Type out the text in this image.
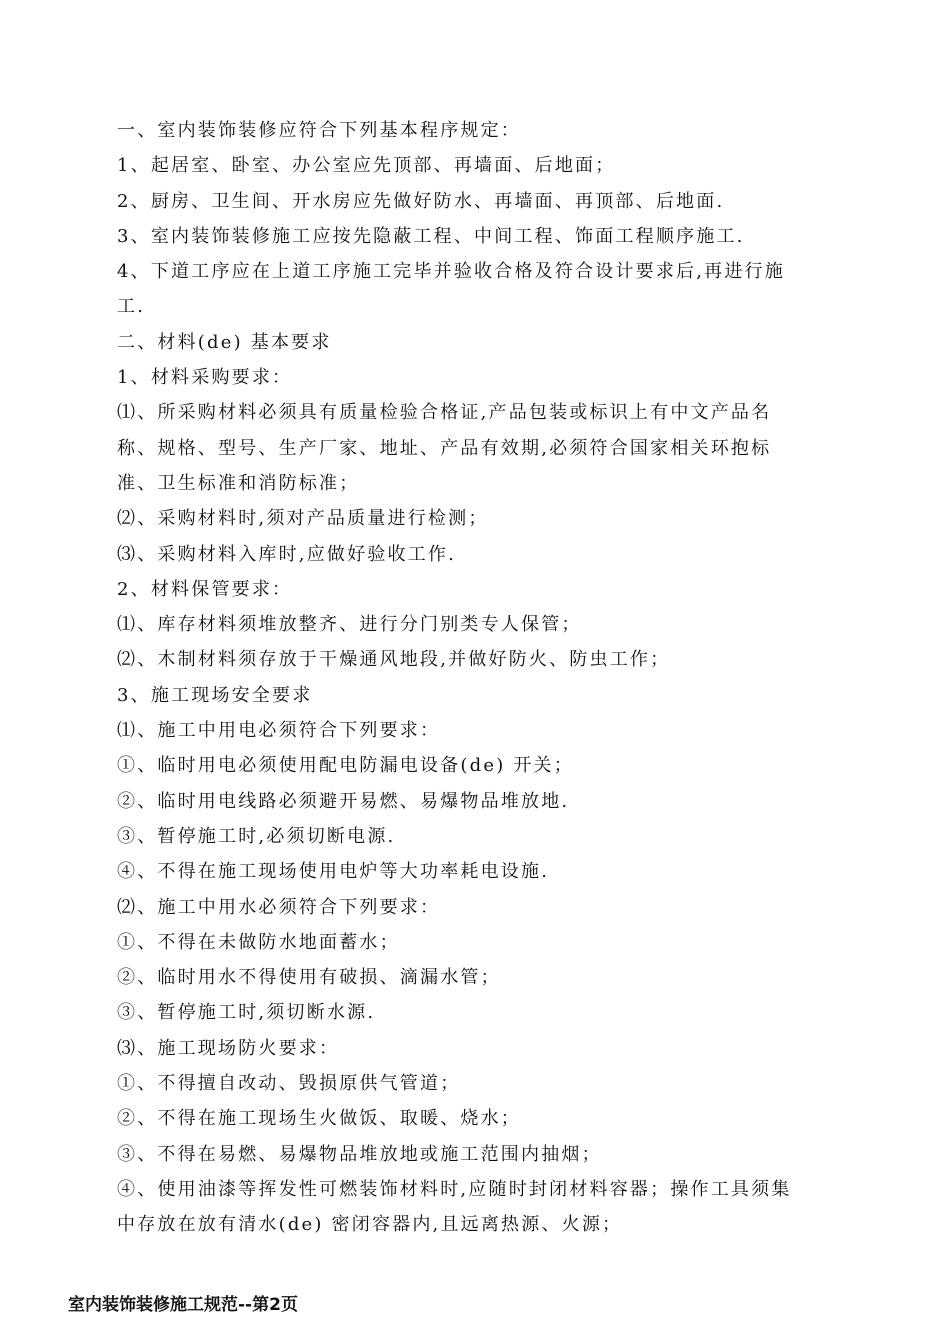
一、室内装饰装修应符合下列基本程序规定：
1、起居室、卧室、办公室应先顶部、再墙面、后地面；
2、厨房、卫生间、开水房应先做好防水、再墙面、再顶部、后地面.
3、室内装饰装修施工应按先隐蔽工程、中间工程、饰面工程顺序施工.
4、下道工序应在上道工序施工完毕并验收合格及符合设计要求后,再进行施
工.
二、材料(de) 基本要求
1、材料采购要求：
⑴、所采购材料必须具有质量检验合格证,产品包装或标识上有中文产品名
称、规格、型号、生产厂家、地址、产品有效期,必须符合国家相关环抱标
准、卫生标准和消防标准；
⑵、采购材料时,须对产品质量进行检测；
⑶、采购材料入库时,应做好验收工作.
2、材料保管要求：
⑴、库存材料须堆放整齐、进行分门别类专人保管；
⑵、木制材料须存放于干燥通风地段,并做好防火、防虫工作；
3、施工现场安全要求
⑴、施工中用电必须符合下列要求：
①、临时用电必须使用配电防漏电设备(de) 开关；
②、临时用电线路必须避开易燃、易爆物品堆放地.
③、暂停施工时,必须切断电源.
④、不得在施工现场使用电炉等大功率耗电设施.
⑵、施工中用水必须符合下列要求：
①、不得在未做防水地面蓄水；
②、临时用水不得使用有破损、滴漏水管；
③、暂停施工时,须切断水源.
⑶、施工现场防火要求：
①、不得擅自改动、毁损原供气管道；
②、不得在施工现场生火做饭、取暖、烧水；
③、不得在易燃、易爆物品堆放地或施工范围内抽烟；
④、使用油漆等挥发性可燃装饰材料时,应随时封闭材料容器；操作工具须集
中存放在放有清水(de) 密闭容器内,且远离热源、火源；
室内装饰装修施工规范--第2页
